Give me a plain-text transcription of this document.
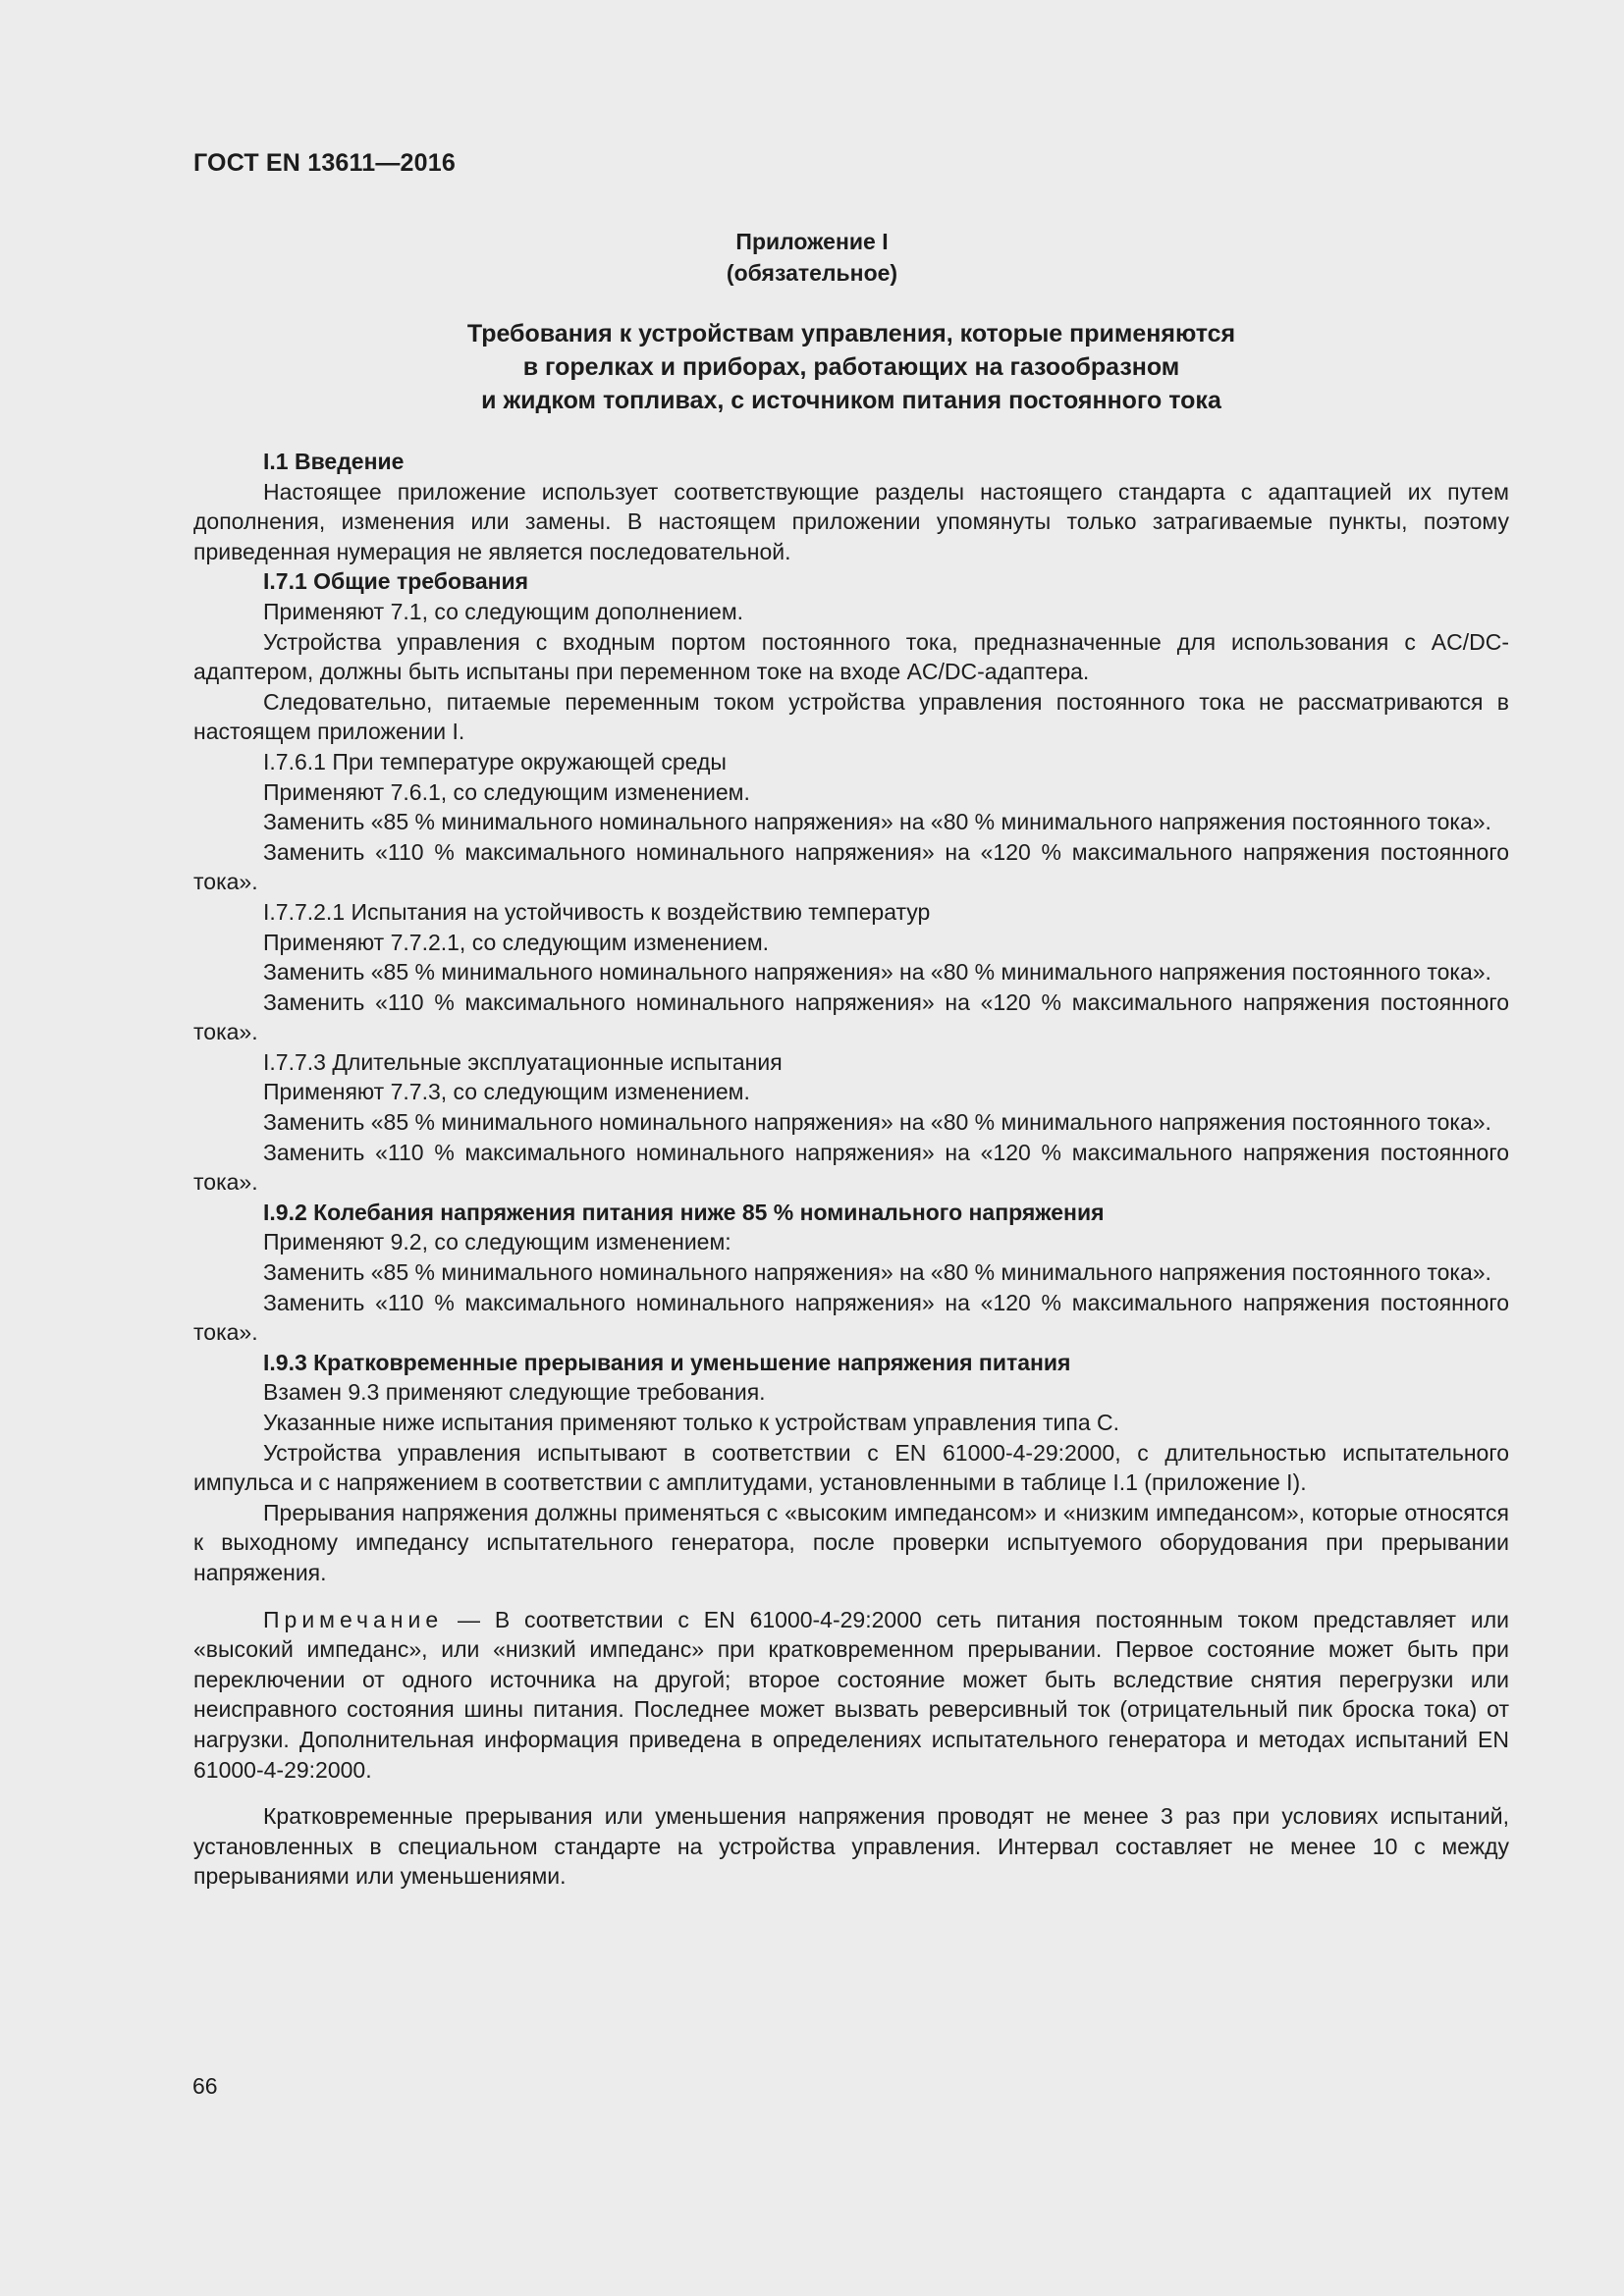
ГОСТ EN 13611—2016
Приложение I
(обязательное)
Требования к устройствам управления, которые применяются
в горелках и приборах, работающих на газообразном
и жидком топливах, с источником питания постоянного тока

I.1 Введение

Настоящее приложение использует соответствующие разделы настоящего стандарта с адаптацией их путем дополнения, изменения или замены. В настоящем приложении упомянуты только затрагиваемые пункты, поэтому приведенная нумерация не является последовательной.

I.7.1 Общие требования

Применяют 7.1, со следующим дополнением.

Устройства управления с входным портом постоянного тока, предназначенные для использования с AC/DC-адаптером, должны быть испытаны при переменном токе на входе AC/DC-адаптера.

Следовательно, питаемые переменным током устройства управления постоянного тока не рассматриваются в настоящем приложении I.

I.7.6.1 При температуре окружающей среды

Применяют 7.6.1, со следующим изменением.

Заменить «85 % минимального номинального напряжения» на «80 % минимального напряжения постоянного тока».

Заменить «110 % максимального номинального напряжения» на «120 % максимального напряжения постоянного тока».

I.7.7.2.1 Испытания на устойчивость к воздействию температур

Применяют 7.7.2.1, со следующим изменением.

Заменить «85 % минимального номинального напряжения» на «80 % минимального напряжения постоянного тока».

Заменить «110 % максимального номинального напряжения» на «120 % максимального напряжения постоянного тока».

I.7.7.3 Длительные эксплуатационные испытания

Применяют 7.7.3, со следующим изменением.

Заменить «85 % минимального номинального напряжения» на «80 % минимального напряжения постоянного тока».

Заменить «110 % максимального номинального напряжения» на «120 % максимального напряжения постоянного тока».

I.9.2 Колебания напряжения питания ниже 85 % номинального напряжения

Применяют 9.2, со следующим изменением:

Заменить «85 % минимального номинального напряжения» на «80 % минимального напряжения постоянного тока».

Заменить «110 % максимального номинального напряжения» на «120 % максимального напряжения постоянного тока».

I.9.3 Кратковременные прерывания и уменьшение напряжения питания

Взамен 9.3 применяют следующие требования.

Указанные ниже испытания применяют только к устройствам управления типа С.

Устройства управления испытывают в соответствии с EN 61000-4-29:2000, с длительностью испытательного импульса и с напряжением в соответствии с амплитудами, установленными в таблице I.1 (приложение I).

Прерывания напряжения должны применяться с «высоким импедансом» и «низким импедансом», которые относятся к выходному импедансу испытательного генератора, после проверки испытуемого оборудования при прерывании напряжения.

Примечание — В соответствии с EN 61000-4-29:2000 сеть питания постоянным током представляет или «высокий импеданс», или «низкий импеданс» при кратковременном прерывании. Первое состояние может быть при переключении от одного источника на другой; второе состояние может быть вследствие снятия перегрузки или неисправного состояния шины питания. Последнее может вызвать реверсивный ток (отрицательный пик броска тока) от нагрузки. Дополнительная информация приведена в определениях испытательного генератора и методах испытаний EN 61000-4-29:2000.

Кратковременные прерывания или уменьшения напряжения проводят не менее 3 раз при условиях испытаний, установленных в специальном стандарте на устройства управления. Интервал составляет не менее 10 с между прерываниями или уменьшениями.

66
